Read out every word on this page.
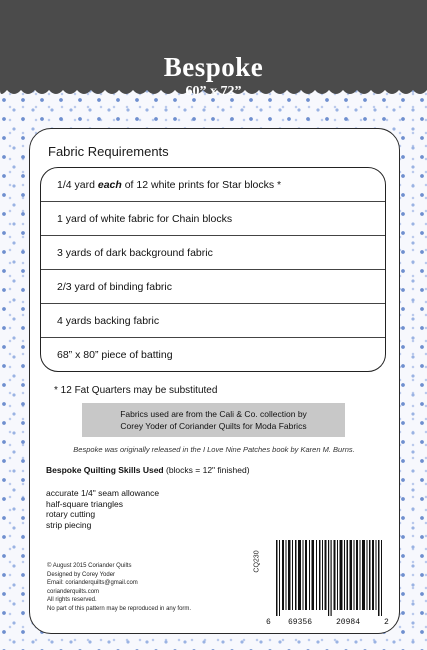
Bespoke
60” x 72”
Fabric Requirements
1/4 yard each of 12 white prints for Star blocks *
1 yard of white fabric for Chain blocks
3 yards of dark background fabric
2/3 yard of binding fabric
4 yards backing fabric
68” x 80” piece of batting
* 12 Fat Quarters may be substituted
Fabrics used are from the Cali & Co. collection by
Corey Yoder of Coriander Quilts for Moda Fabrics
Bespoke was originally released in the I Love Nine Patches book by Karen M. Burns.
Bespoke Quilting Skills Used (blocks = 12" finished)
accurate 1/4" seam allowance
half-square triangles
rotary cutting
strip piecing
© August 2015 Coriander Quilts
Designed by Corey Yoder
Email: corianderquilts@gmail.com
corianderquilts.com
All rights reserved.
No part of this pattern may be reproduced in any form.
CQ230
6 69356	20984	2
